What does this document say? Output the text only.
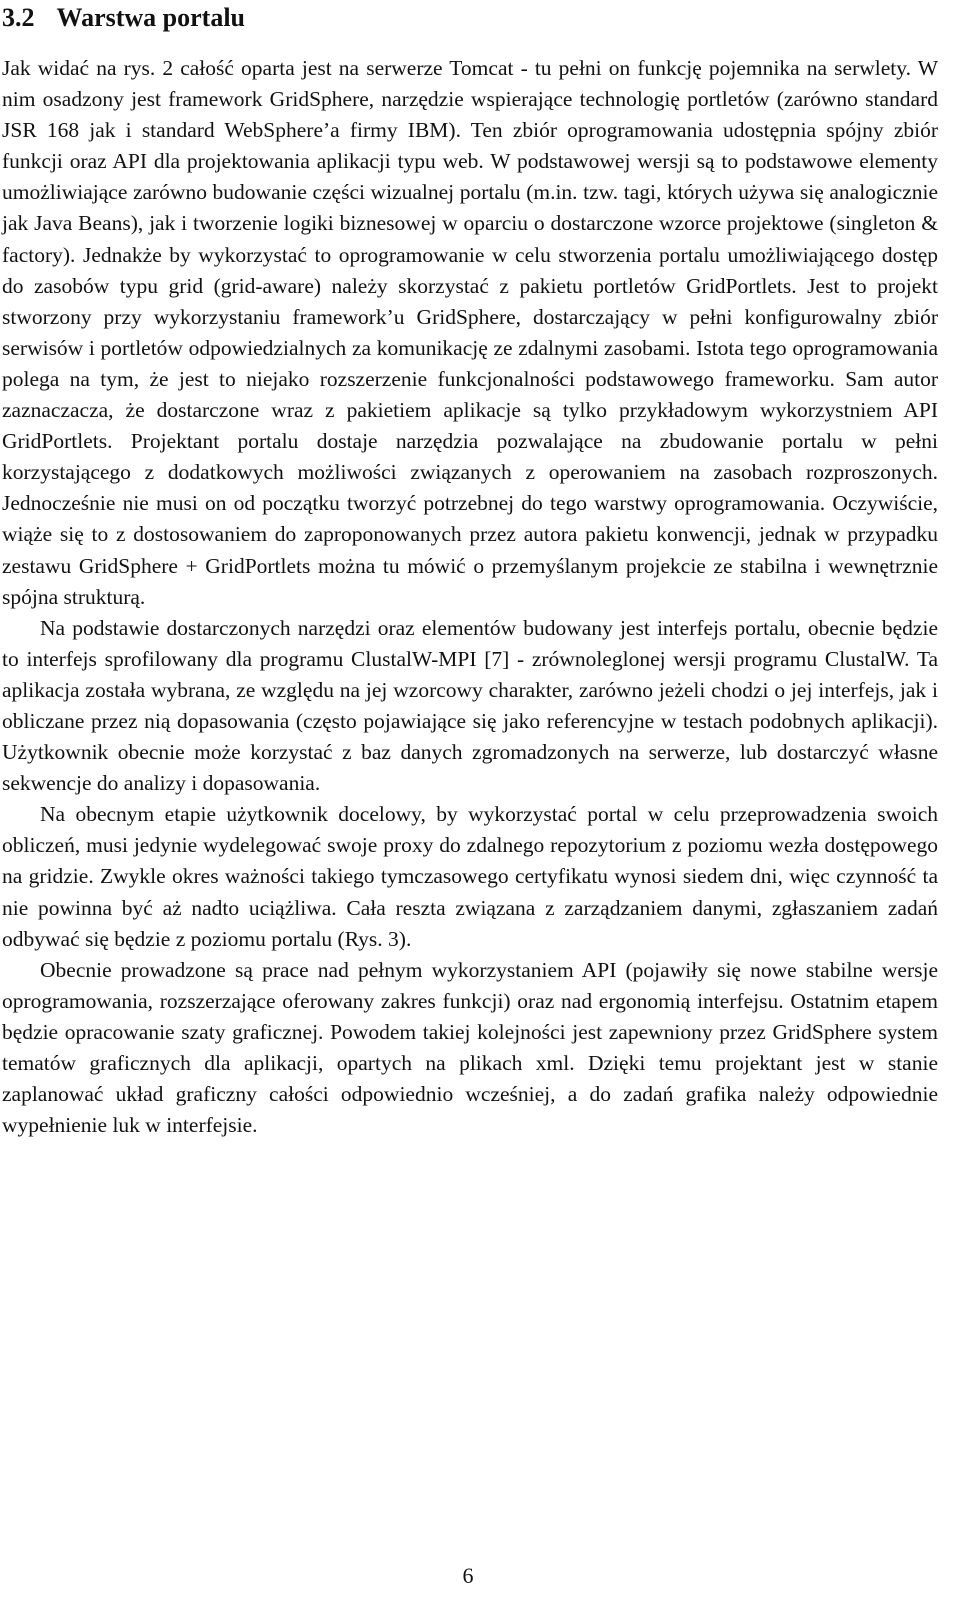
3.2 Warstwa portalu

Jak widać na rys. 2 całość oparta jest na serwerze Tomcat - tu pełni on funkcję pojemnika na serwlety. W nim osadzony jest framework GridSphere, narzędzie wspierające technologię portletów (zarówno standard JSR 168 jak i standard WebSphere’a firmy IBM). Ten zbiór oprogramowania udostępnia spójny zbiór funkcji oraz API dla projektowania aplikacji typu web. W podstawowej wersji są to podstawowe elementy umożliwiające zarówno budowanie części wizualnej portalu (m.in. tzw. tagi, których używa się analogicznie jak Java Beans), jak i tworzenie logiki biznesowej w oparciu o dostarczone wzorce projektowe (singleton & factory). Jednakże by wykorzystać to oprogramowanie w celu stworzenia portalu umożliwiającego dostęp do zasobów typu grid (grid-aware) należy skorzystać z pakietu portletów GridPortlets. Jest to projekt stworzony przy wykorzystaniu framework’u GridSphere, dostarczający w pełni konfigurowalny zbiór serwisów i portletów odpowiedzialnych za komunikację ze zdalnymi zasobami. Istota tego oprogramowania polega na tym, że jest to niejako rozszerzenie funkcjonalności podstawowego frameworku. Sam autor zaznaczacza, że dostarczone wraz z pakietiem aplikacje są tylko przykładowym wykorzystniem API GridPortlets. Projektant portalu dostaje narzędzia pozwalające na zbudowanie portalu w pełni korzystającego z dodatkowych możliwości związanych z operowaniem na zasobach rozproszonych. Jednocześnie nie musi on od początku tworzyć potrzebnej do tego warstwy oprogramowania. Oczywiście, wiąże się to z dostosowaniem do zaproponowanych przez autora pakietu konwencji, jednak w przypadku zestawu GridSphere + GridPortlets można tu mówić o przemyślanym projekcie ze stabilna i wewnętrznie spójna strukturą.

Na podstawie dostarczonych narzędzi oraz elementów budowany jest interfejs portalu, obecnie będzie to interfejs sprofilowany dla programu ClustalW-MPI [7] - zrównoleglonej wersji programu ClustalW. Ta aplikacja została wybrana, ze względu na jej wzorcowy charakter, zarówno jeżeli chodzi o jej interfejs, jak i obliczane przez nią dopasowania (często pojawiające się jako referencyjne w testach podobnych aplikacji). Użytkownik obecnie może korzystać z baz danych zgromadzonych na serwerze, lub dostarczyć własne sekwencje do analizy i dopasowania.

Na obecnym etapie użytkownik docelowy, by wykorzystać portal w celu przeprowadzenia swoich obliczeń, musi jedynie wydelegować swoje proxy do zdalnego repozytorium z poziomu wezła dostępowego na gridzie. Zwykle okres ważności takiego tymczasowego certyfikatu wynosi siedem dni, więc czynność ta nie powinna być aż nadto uciążliwa. Cała reszta związana z zarządzaniem danymi, zgłaszaniem zadań odbywać się będzie z poziomu portalu (Rys. 3).

Obecnie prowadzone są prace nad pełnym wykorzystaniem API (pojawiły się nowe stabilne wersje oprogramowania, rozszerzające oferowany zakres funkcji) oraz nad ergonomią interfejsu. Ostatnim etapem będzie opracowanie szaty graficznej. Powodem takiej kolejności jest zapewniony przez GridSphere system tematów graficznych dla aplikacji, opartych na plikach xml. Dzięki temu projektant jest w stanie zaplanować układ graficzny całości odpowiednio wcześniej, a do zadań grafika należy odpowiednie wypełnienie luk w interfejsie.

6
